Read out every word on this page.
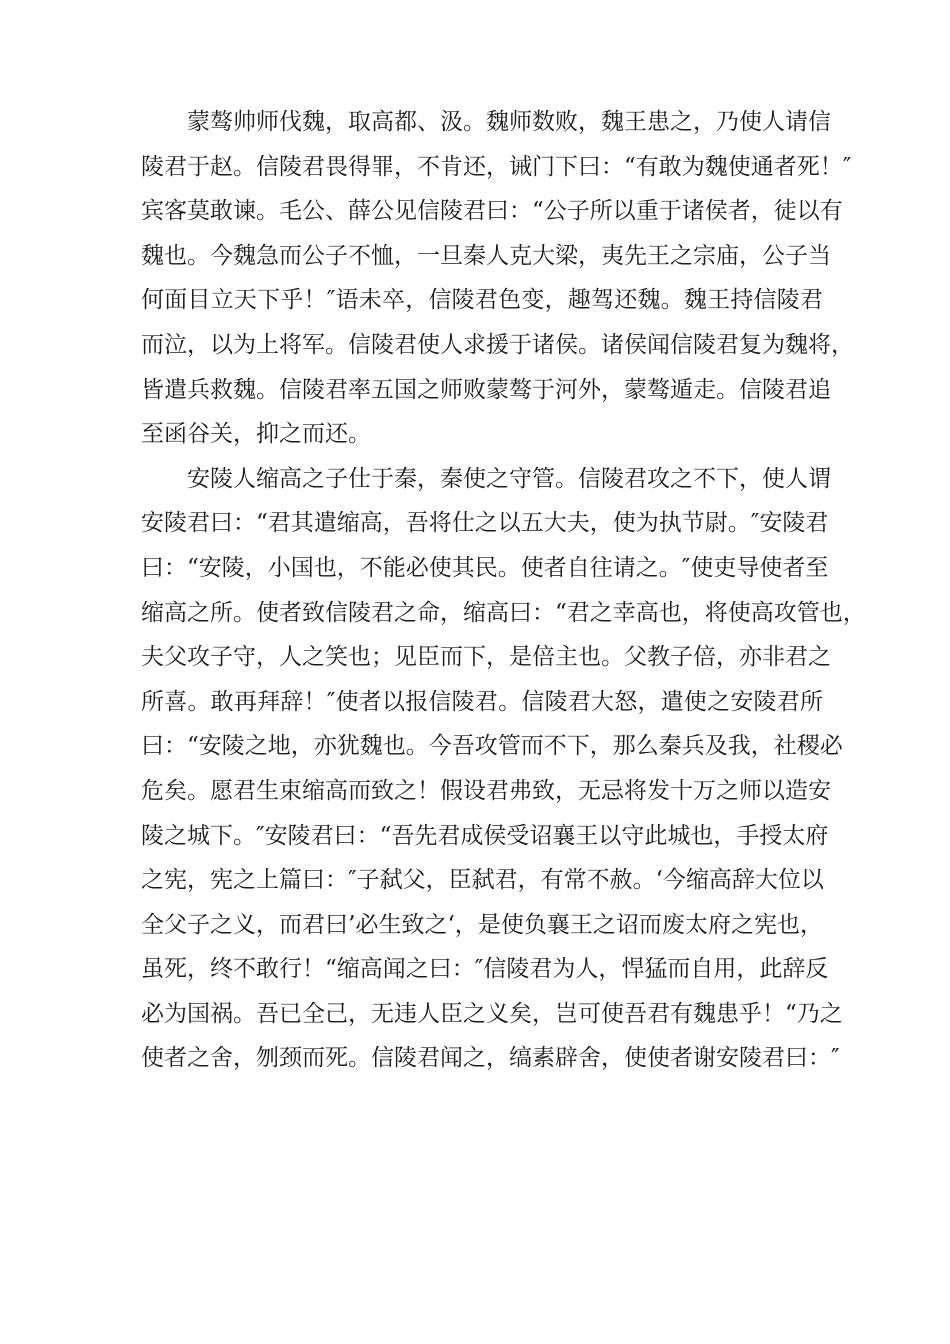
蒙骜帅师伐魏，取高都、汲。魏师数败，魏王患之，乃使人请信
陵君于赵。信陵君畏得罪，不肯还，诫门下曰：“有敢为魏使通者死！″
宾客莫敢谏。毛公、薛公见信陵君曰：“公子所以重于诸侯者，徒以有
魏也。今魏急而公子不恤，一旦秦人克大梁，夷先王之宗庙，公子当
何面目立天下乎！″语未卒，信陵君色变，趣驾还魏。魏王持信陵君
而泣，以为上将军。信陵君使人求援于诸侯。诸侯闻信陵君复为魏将，
皆遣兵救魏。信陵君率五国之师败蒙骜于河外，蒙骜遁走。信陵君追
至函谷关，抑之而还。

安陵人缩高之子仕于秦，秦使之守管。信陵君攻之不下，使人谓
安陵君曰：“君其遣缩高，吾将仕之以五大夫，使为执节尉。″安陵君
曰：“安陵，小国也，不能必使其民。使者自往请之。″使吏导使者至
缩高之所。使者致信陵君之命，缩高曰：“君之幸高也，将使高攻管也，
夫父攻子守，人之笑也；见臣而下，是倍主也。父教子倍，亦非君之
所喜。敢再拜辞！″使者以报信陵君。信陵君大怒，遣使之安陵君所
曰：“安陵之地，亦犹魏也。今吾攻管而不下，那么秦兵及我，社稷必
危矣。愿君生束缩高而致之！假设君弗致，无忌将发十万之师以造安
陵之城下。″安陵君曰：“吾先君成侯受诏襄王以守此城也，手授太府
之宪，宪之上篇曰：″子弑父，臣弑君，有常不赦。‘今缩高辞大位以
全父子之义，而君曰’必生致之‘，是使负襄王之诏而废太府之宪也，
虽死，终不敢行！“缩高闻之曰：″信陵君为人，悍猛而自用，此辞反
必为国祸。吾已全己，无违人臣之义矣，岂可使吾君有魏患乎！“乃之
使者之舍，刎颈而死。信陵君闻之，缟素辟舍，使使者谢安陵君曰：″
